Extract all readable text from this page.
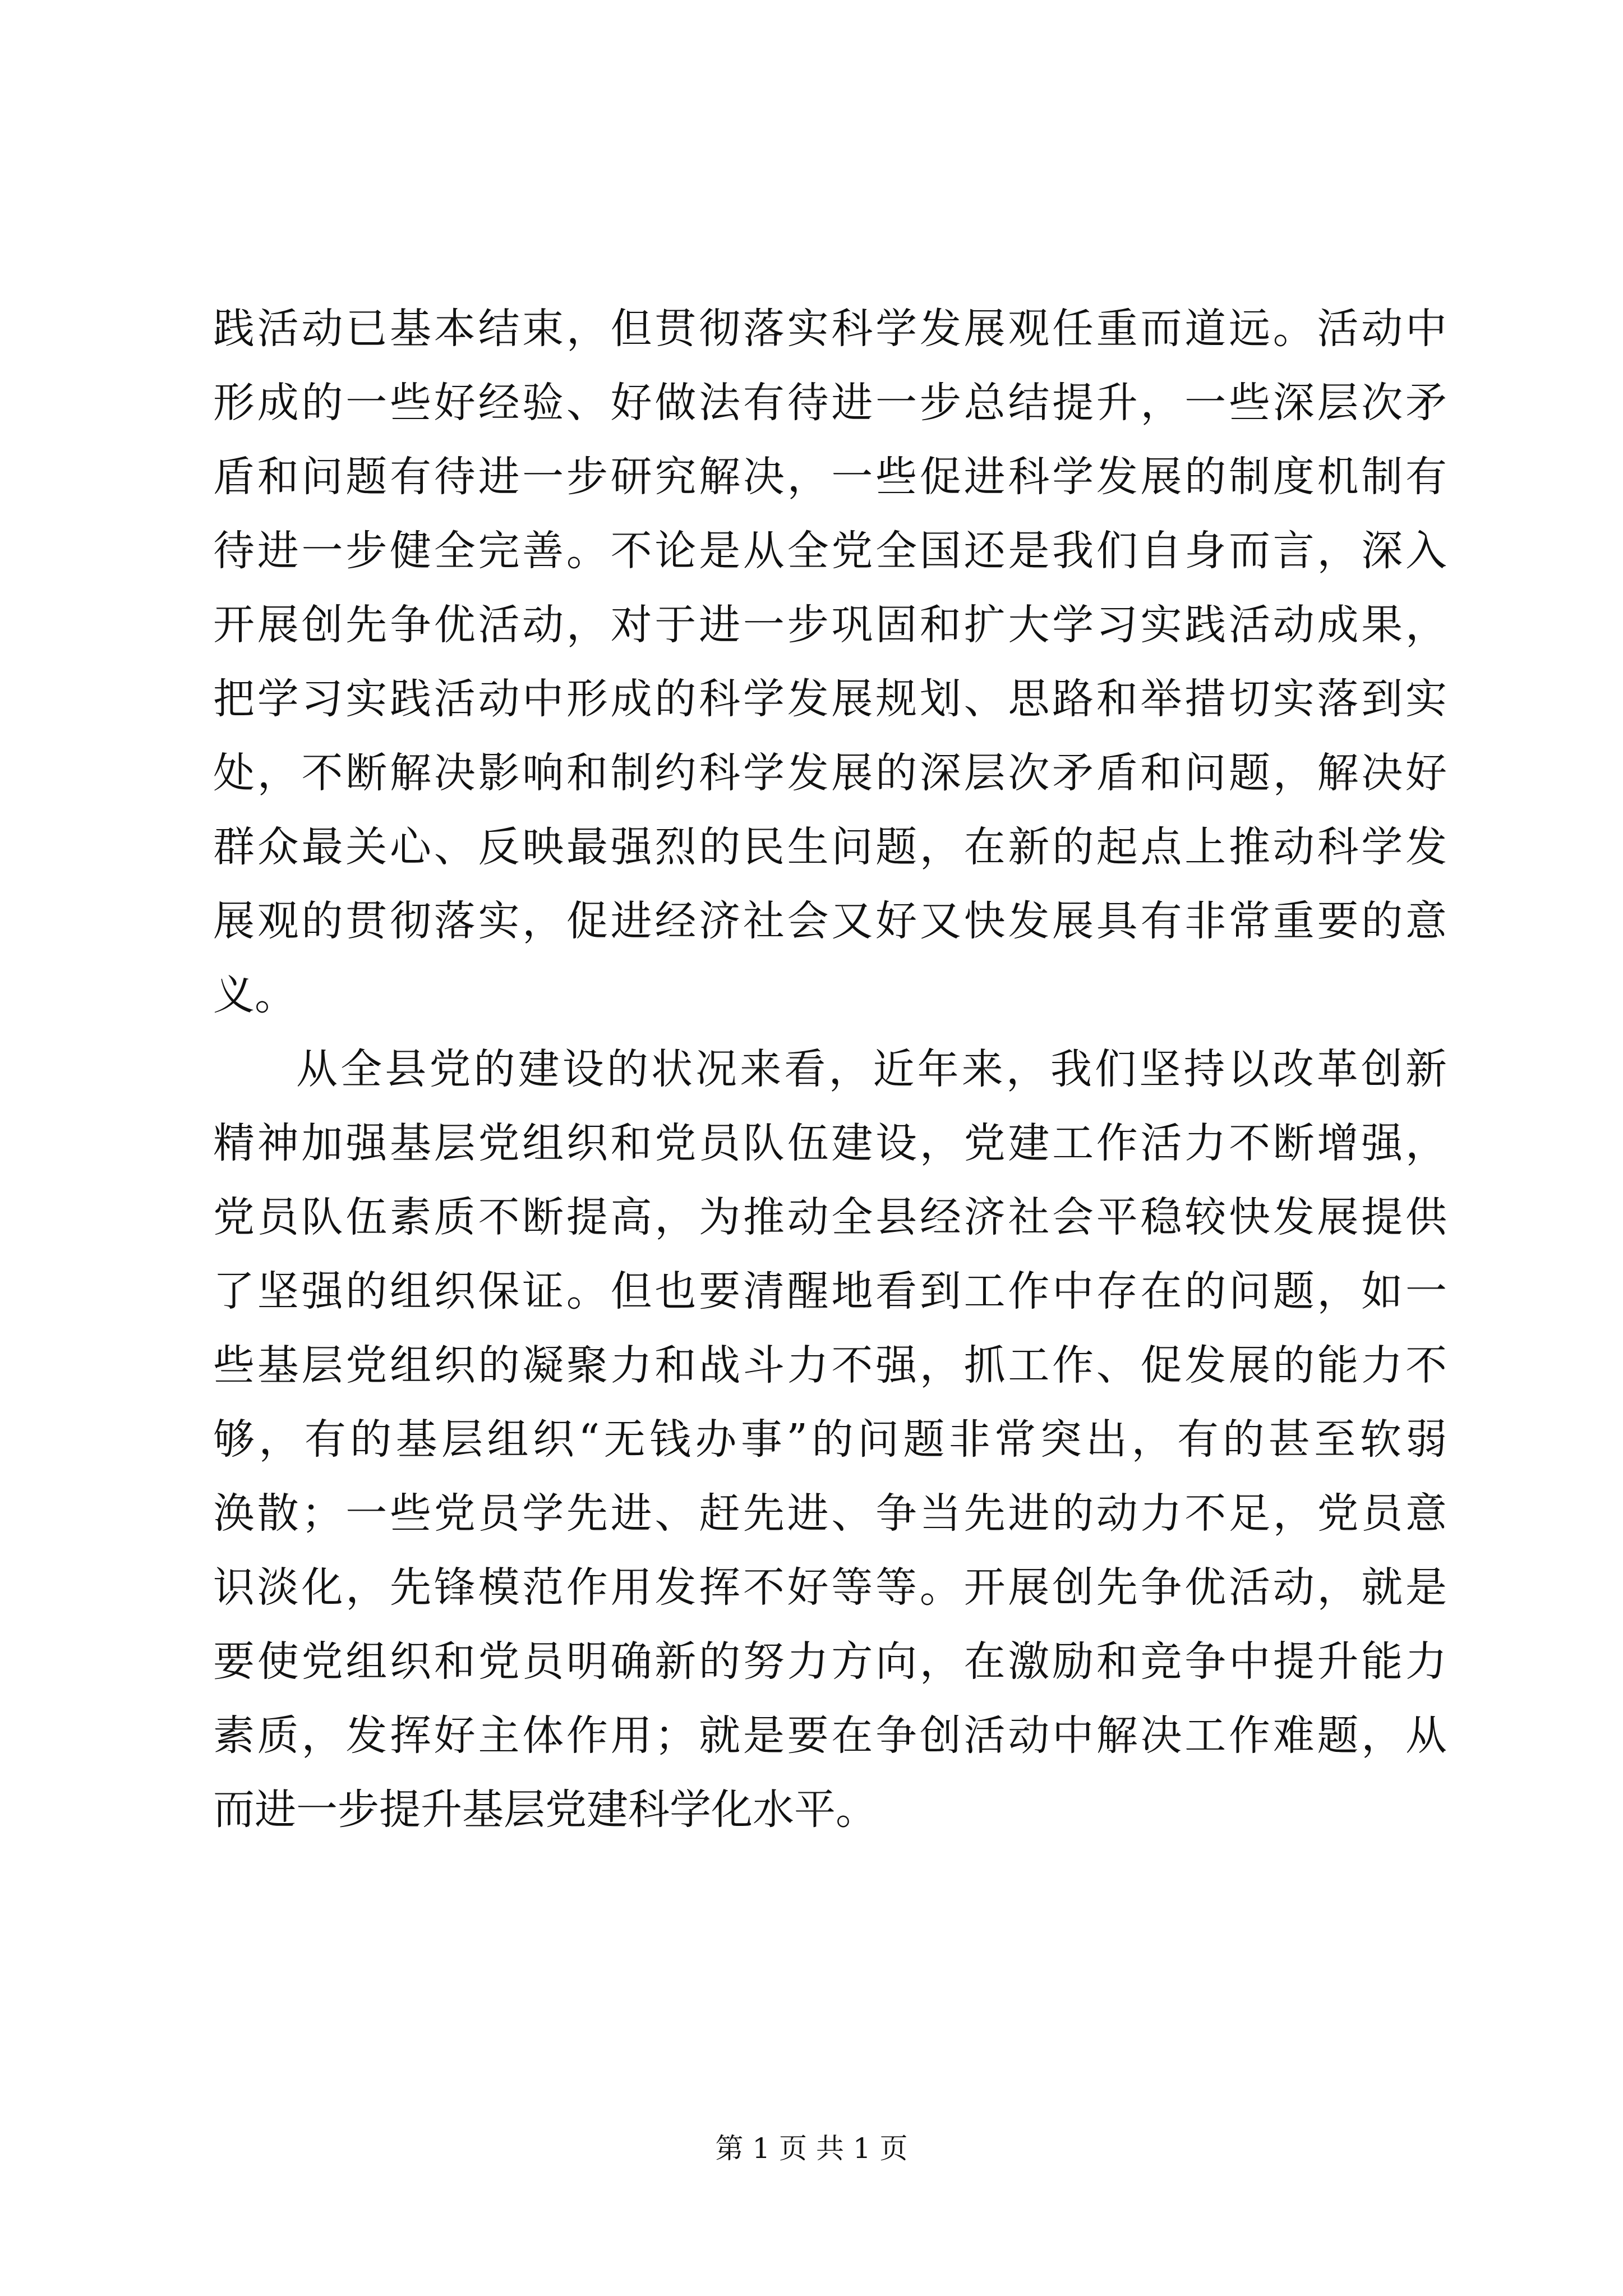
践活动已基本结束，但贯彻落实科学发展观任重而道远。活动中
形成的一些好经验、好做法有待进一步总结提升，一些深层次矛
盾和问题有待进一步研究解决，一些促进科学发展的制度机制有
待进一步健全完善。不论是从全党全国还是我们自身而言，深入
开展创先争优活动，对于进一步巩固和扩大学习实践活动成果，
把学习实践活动中形成的科学发展规划、思路和举措切实落到实
处，不断解决影响和制约科学发展的深层次矛盾和问题，解决好
群众最关心、反映最强烈的民生问题，在新的起点上推动科学发
展观的贯彻落实，促进经济社会又好又快发展具有非常重要的意
义。
从全县党的建设的状况来看，近年来，我们坚持以改革创新
精神加强基层党组织和党员队伍建设，党建工作活力不断增强，
党员队伍素质不断提高，为推动全县经济社会平稳较快发展提供
了坚强的组织保证。但也要清醒地看到工作中存在的问题，如一
些基层党组织的凝聚力和战斗力不强，抓工作、促发展的能力不
够，有的基层组织“无钱办事”的问题非常突出，有的甚至软弱
涣散；一些党员学先进、赶先进、争当先进的动力不足，党员意
识淡化，先锋模范作用发挥不好等等。开展创先争优活动，就是
要使党组织和党员明确新的努力方向，在激励和竞争中提升能力
素质，发挥好主体作用；就是要在争创活动中解决工作难题，从
而进一步提升基层党建科学化水平。
第 1 页 共 1 页
